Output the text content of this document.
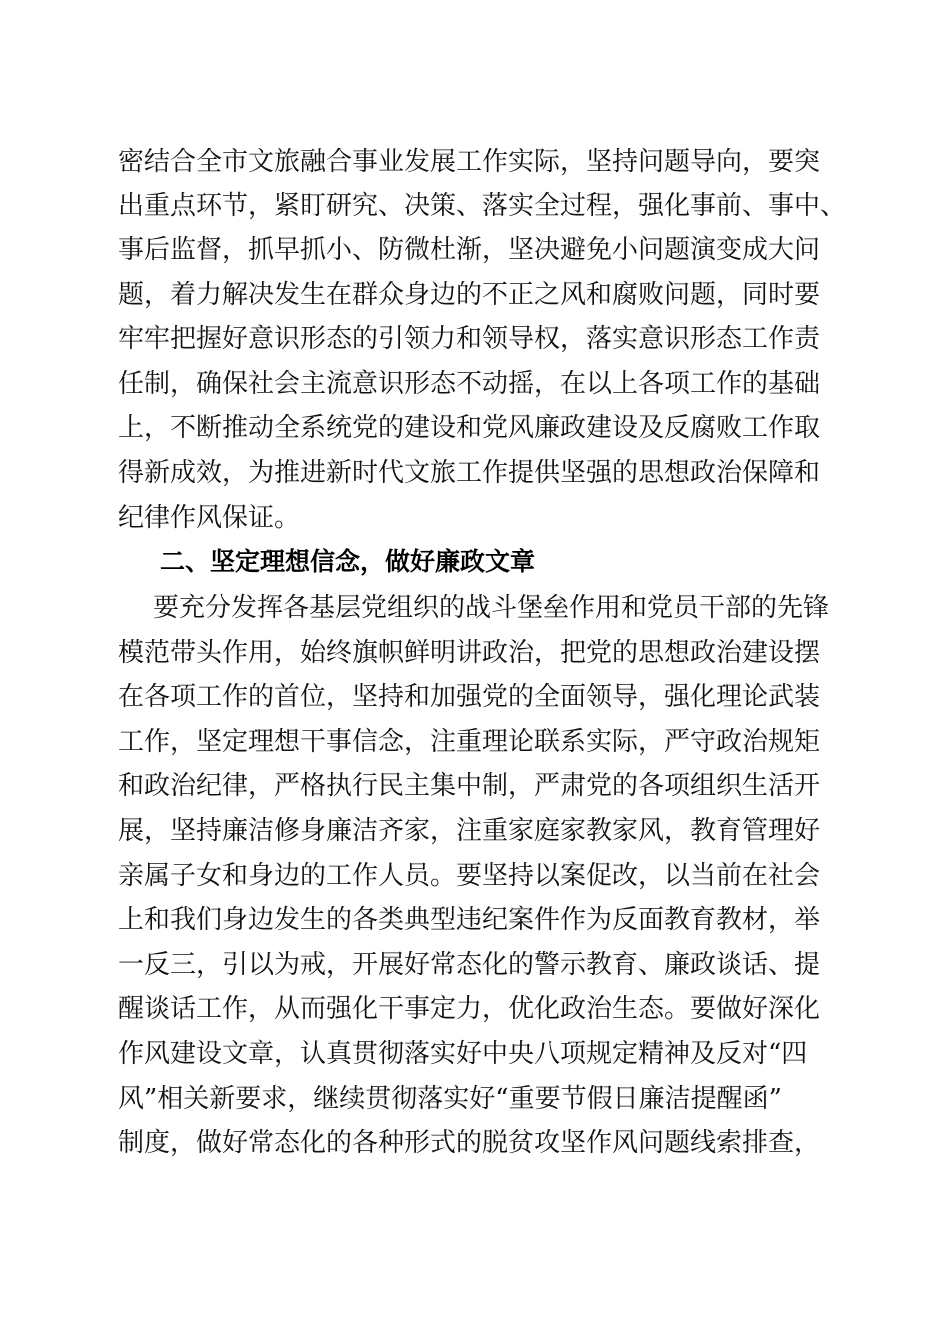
密结合全市文旅融合事业发展工作实际，坚持问题导向，要突
出重点环节，紧盯研究、决策、落实全过程，强化事前、事中、
事后监督，抓早抓小、防微杜渐，坚决避免小问题演变成大问
题，着力解决发生在群众身边的不正之风和腐败问题，同时要
牢牢把握好意识形态的引领力和领导权，落实意识形态工作责
任制，确保社会主流意识形态不动摇，在以上各项工作的基础
上，不断推动全系统党的建设和党风廉政建设及反腐败工作取
得新成效，为推进新时代文旅工作提供坚强的思想政治保障和
纪律作风保证。
二、坚定理想信念，做好廉政文章
要充分发挥各基层党组织的战斗堡垒作用和党员干部的先锋
模范带头作用，始终旗帜鲜明讲政治，把党的思想政治建设摆
在各项工作的首位，坚持和加强党的全面领导，强化理论武装
工作，坚定理想干事信念，注重理论联系实际，严守政治规矩
和政治纪律，严格执行民主集中制，严肃党的各项组织生活开
展，坚持廉洁修身廉洁齐家，注重家庭家教家风，教育管理好
亲属子女和身边的工作人员。要坚持以案促改，以当前在社会
上和我们身边发生的各类典型违纪案件作为反面教育教材，举
一反三，引以为戒，开展好常态化的警示教育、廉政谈话、提
醒谈话工作，从而强化干事定力，优化政治生态。要做好深化
作风建设文章，认真贯彻落实好中央八项规定精神及反对“四
风”相关新要求，继续贯彻落实好“重要节假日廉洁提醒函”
制度，做好常态化的各种形式的脱贫攻坚作风问题线索排查，
